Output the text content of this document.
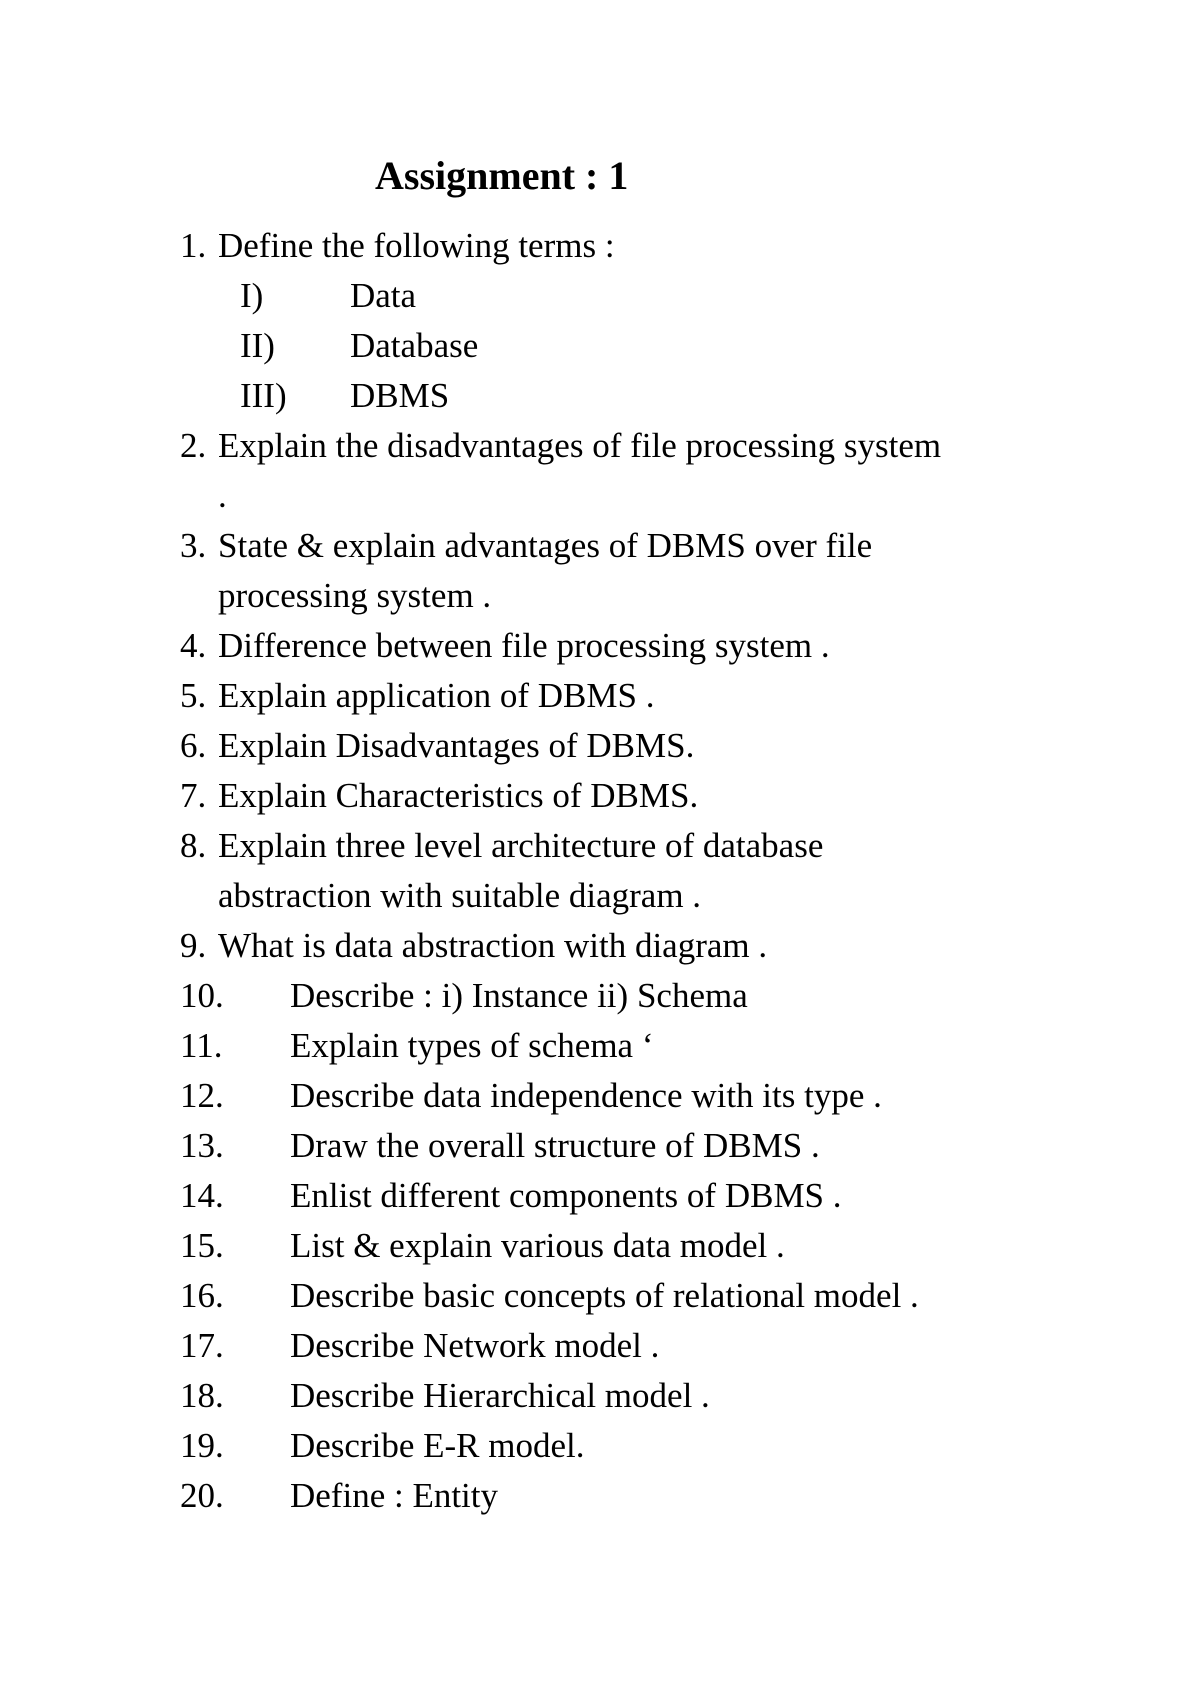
Assignment : 1
1. Define the following terms :
I) Data
II) Database
III) DBMS
2. Explain the disadvantages of file processing system
.
3. State & explain advantages of DBMS over file
processing system .
4. Difference between file processing system .
5. Explain application of DBMS .
6. Explain Disadvantages of DBMS.
7. Explain Characteristics of DBMS.
8. Explain three level architecture of database
abstraction with suitable diagram .
9. What is data abstraction with diagram .
10. Describe : i) Instance ii) Schema
11. Explain types of schema ‘
12. Describe data independence with its type .
13. Draw the overall structure of DBMS .
14. Enlist different components of DBMS .
15. List & explain various data model .
16. Describe basic concepts of relational model .
17. Describe Network model .
18. Describe Hierarchical model .
19. Describe E-R model.
20. Define : Entity
